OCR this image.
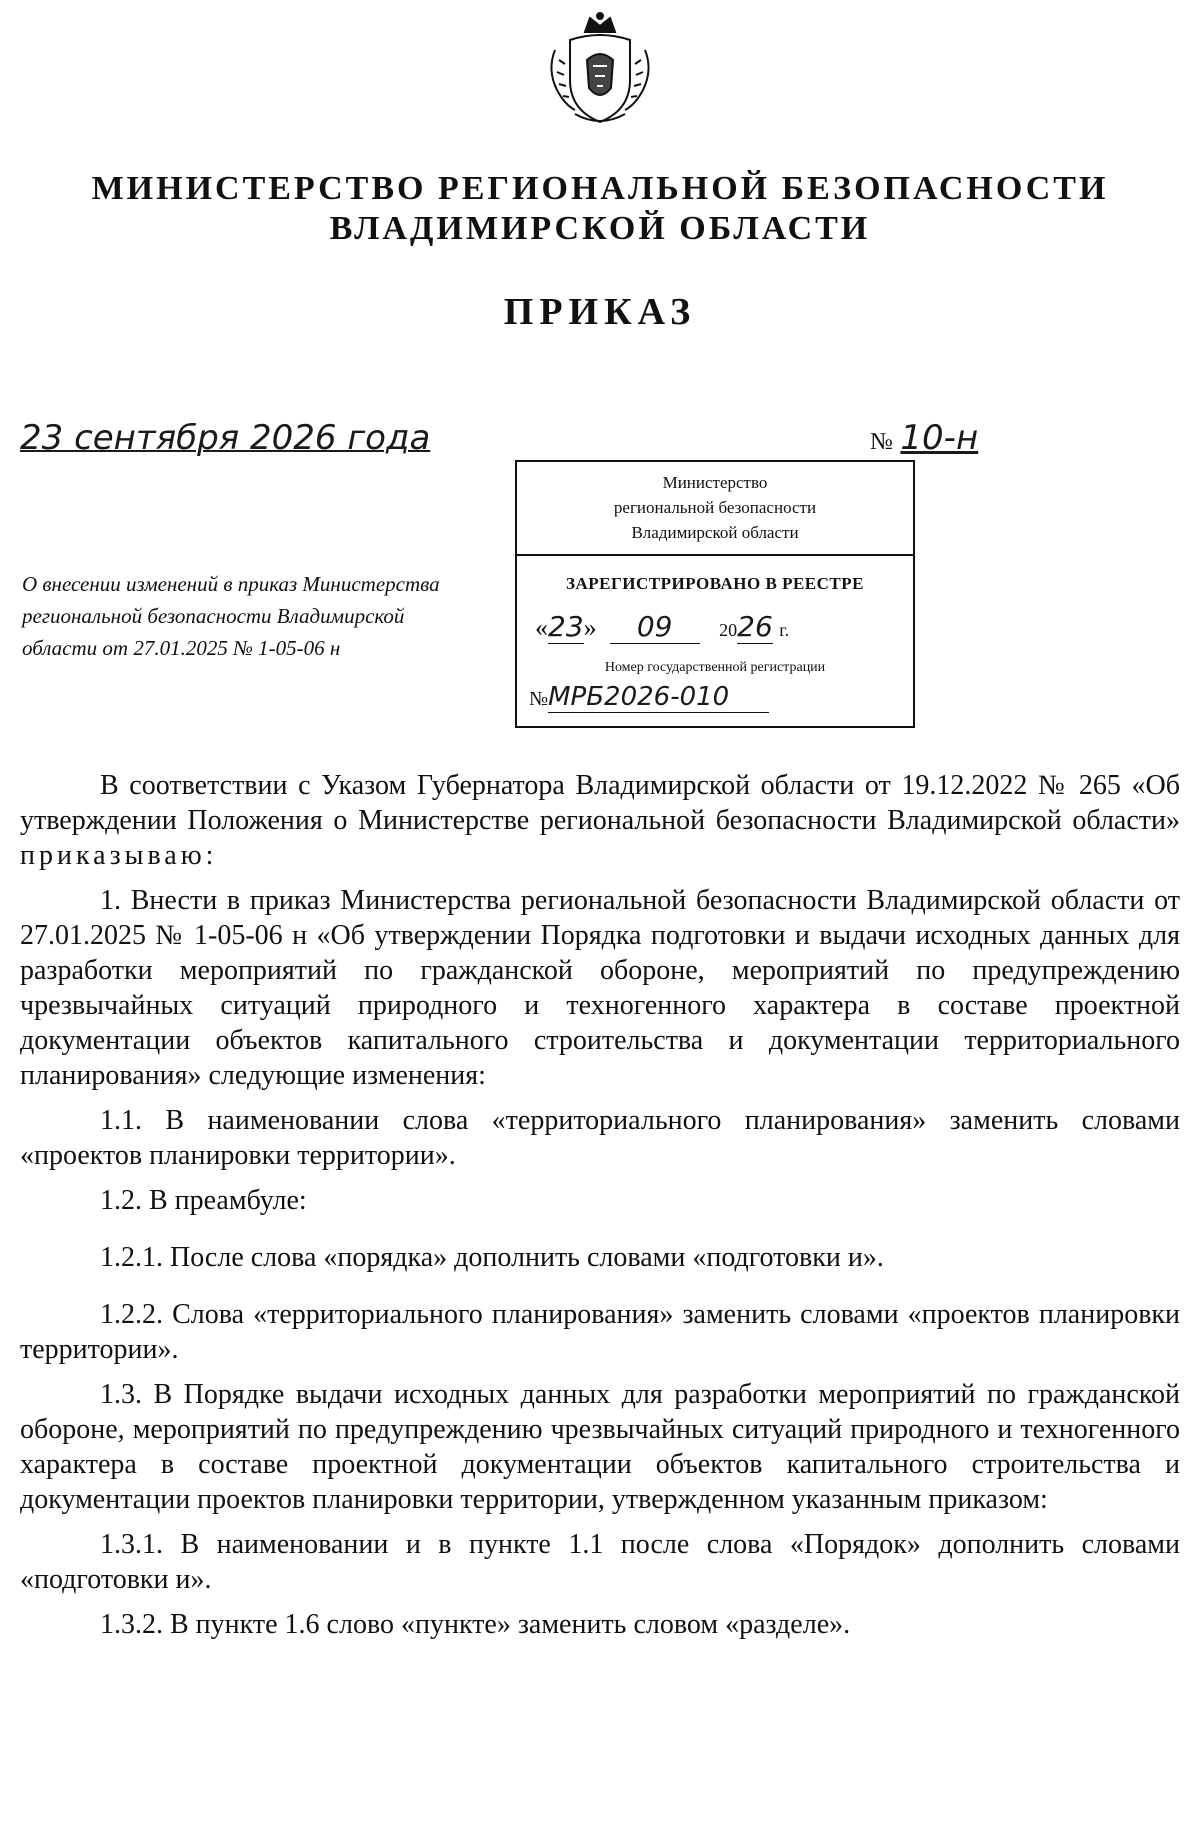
МИНИСТЕРСТВО РЕГИОНАЛЬНОЙ БЕЗОПАСНОСТИ
ВЛАДИМИРСКОЙ ОБЛАСТИ
ПРИКАЗ
23 сентября 2026 года	№ 10-н
Министерство
региональной безопасности
Владимирской области
ЗАРЕГИСТРИРОВАНО В РЕЕСТРЕ
«23»  09	2026 г.
Номер государственной регистрации
№МРБ2026-010
О внесении изменений в приказ Министерства региональной безопасности Владимирской области от 27.01.2025 № 1-05-06 н

В соответствии с Указом Губернатора Владимирской области от 19.12.2022 № 265 «Об утверждении Положения о Министерстве региональной безопасности Владимирской области» приказываю:

1. Внести в приказ Министерства региональной безопасности Владимирской области от 27.01.2025 № 1-05-06 н «Об утверждении Порядка подготовки и выдачи исходных данных для разработки мероприятий по гражданской обороне, мероприятий по предупреждению чрезвычайных ситуаций природного и техногенного характера в составе проектной документации объектов капитального строительства и документации территориального планирования» следующие изменения:

1.1. В наименовании слова «территориального планирования» заменить словами «проектов планировки территории».

1.2. В преамбуле:

1.2.1. После слова «порядка» дополнить словами «подготовки и».

1.2.2. Слова «территориального планирования» заменить словами «проектов планировки территории».

1.3. В Порядке выдачи исходных данных для разработки мероприятий по гражданской обороне, мероприятий по предупреждению чрезвычайных ситуаций природного и техногенного характера в составе проектной документации объектов капитального строительства и документации проектов планировки территории, утвержденном указанным приказом:

1.3.1. В наименовании и в пункте 1.1 после слова «Порядок» дополнить словами «подготовки и».

1.3.2. В пункте 1.6 слово «пункте» заменить словом «разделе».
